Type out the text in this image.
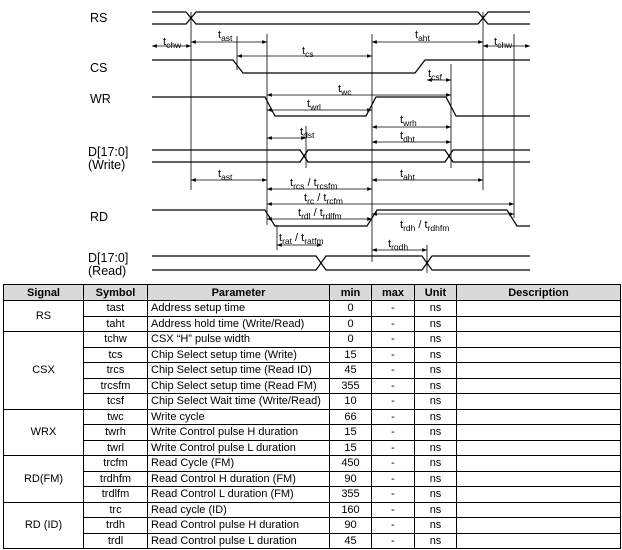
RS
CS
WR
D[17:0]
(Write)
RD
D[17:0]
(Read)
$t_{chw}$
$t_{ast}$
$t_{cs}$
$t_{aht}$	$t_{chw}$
$t_{csf}$
$t_{wc}$
$t_{wrl}$
$t_{wrh}$
$t_{dst}$	$t_{dht}$
$t_{ast}$	$t_{rcs} / t_{rcsfm}$
$t_{aht}$
$t_{rc} / t_{rcfm}$
$t_{rdl} / t_{rdlfm}$
$t_{rdh} / t_{rdhfm}$
$t_{rat} / t_{ratfm}$	$t_{rodh}$
Signal	Symbol	Parameter	min	max	Unit	Description
RS	tast	Address setup time	0	-	ns	
	taht	Address hold time (Write/Read)	0	-	ns	
CSX	tchw	CSX “H” pulse width	0	-	ns	
	tcs	Chip Select setup time (Write)	15	-	ns	
	trcs	Chip Select setup time (Read ID)	45	-	ns	
	trcsfm	Chip Select setup time (Read FM)	355	-	ns	
	tcsf	Chip Select Wait time (Write/Read)	10	-	ns	
WRX	twc	Write cycle	66	-	ns	
	twrh	Write Control pulse H duration	15	-	ns	
	twrl	Write Control pulse L duration	15	-	ns	
RD(FM)	trcfm	Read Cycle (FM)	450	-	ns	
	trdhfm	Read Control H duration (FM)	90	-	ns	
	trdlfm	Read Control L duration (FM)	355	-	ns	
RD (ID)	trc	Read cycle (ID)	160	-	ns	
	trdh	Read Control pulse H duration	90	-	ns	
	trdl	Read Control pulse L duration	45	-	ns	
